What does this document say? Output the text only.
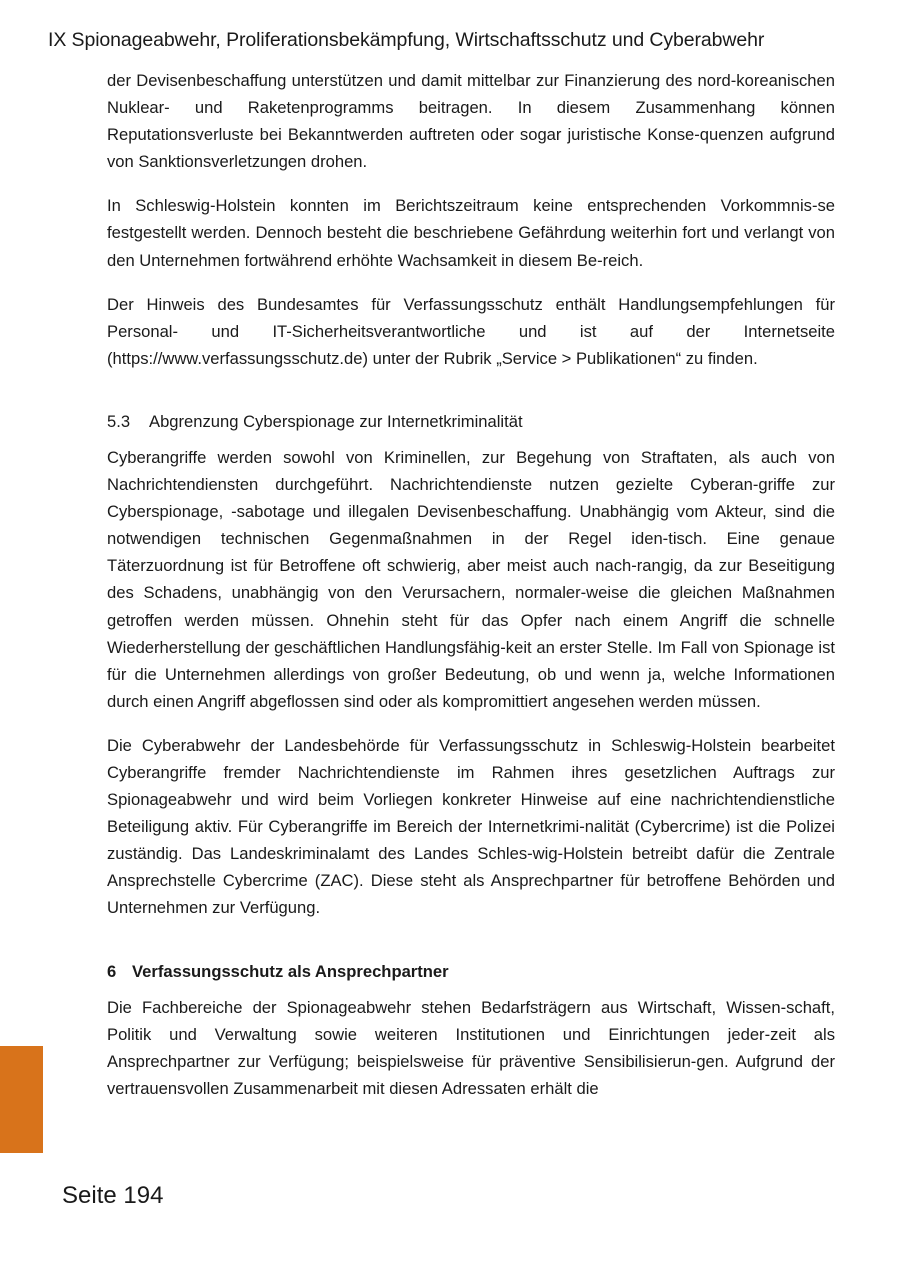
IX Spionageabwehr, Proliferationsbekämpfung, Wirtschaftsschutz und Cyberabwehr

der Devisenbeschaffung unterstützen und damit mittelbar zur Finanzierung des nord-koreanischen Nuklear- und Raketenprogramms beitragen. In diesem Zusammenhang können Reputationsverluste bei Bekanntwerden auftreten oder sogar juristische Konse-quenzen aufgrund von Sanktionsverletzungen drohen.

In Schleswig-Holstein konnten im Berichtszeitraum keine entsprechenden Vorkommnis-se festgestellt werden. Dennoch besteht die beschriebene Gefährdung weiterhin fort und verlangt von den Unternehmen fortwährend erhöhte Wachsamkeit in diesem Be-reich.

Der Hinweis des Bundesamtes für Verfassungsschutz enthält Handlungsempfehlungen für Personal- und IT-Sicherheitsverantwortliche und ist auf der Internetseite (https://www.verfassungsschutz.de) unter der Rubrik „Service > Publikationen“ zu finden.

5.3	Abgrenzung Cyberspionage zur Internetkriminalität

Cyberangriffe werden sowohl von Kriminellen, zur Begehung von Straftaten, als auch von Nachrichtendiensten durchgeführt. Nachrichtendienste nutzen gezielte Cyberan-griffe zur Cyberspionage, -sabotage und illegalen Devisenbeschaffung. Unabhängig vom Akteur, sind die notwendigen technischen Gegenmaßnahmen in der Regel iden-tisch. Eine genaue Täterzuordnung ist für Betroffene oft schwierig, aber meist auch nach-rangig, da zur Beseitigung des Schadens, unabhängig von den Verursachern, normaler-weise die gleichen Maßnahmen getroffen werden müssen. Ohnehin steht für das Opfer nach einem Angriff die schnelle Wiederherstellung der geschäftlichen Handlungsfähig-keit an erster Stelle. Im Fall von Spionage ist für die Unternehmen allerdings von großer Bedeutung, ob und wenn ja, welche Informationen durch einen Angriff abgeflossen sind oder als kompromittiert angesehen werden müssen.

Die Cyberabwehr der Landesbehörde für Verfassungsschutz in Schleswig-Holstein bearbeitet Cyberangriffe fremder Nachrichtendienste im Rahmen ihres gesetzlichen Auftrags zur Spionageabwehr und wird beim Vorliegen konkreter Hinweise auf eine nachrichtendienstliche Beteiligung aktiv. Für Cyberangriffe im Bereich der Internetkrimi-nalität (Cybercrime) ist die Polizei zuständig. Das Landeskriminalamt des Landes Schles-wig-Holstein betreibt dafür die Zentrale Ansprechstelle Cybercrime (ZAC). Diese steht als Ansprechpartner für betroffene Behörden und Unternehmen zur Verfügung.

6 Verfassungsschutz als Ansprechpartner

Die Fachbereiche der Spionageabwehr stehen Bedarfsträgern aus Wirtschaft, Wissen-schaft, Politik und Verwaltung sowie weiteren Institutionen und Einrichtungen jeder-zeit als Ansprechpartner zur Verfügung; beispielsweise für präventive Sensibilisierun-gen. Aufgrund der vertrauensvollen Zusammenarbeit mit diesen Adressaten erhält die

Seite 194
